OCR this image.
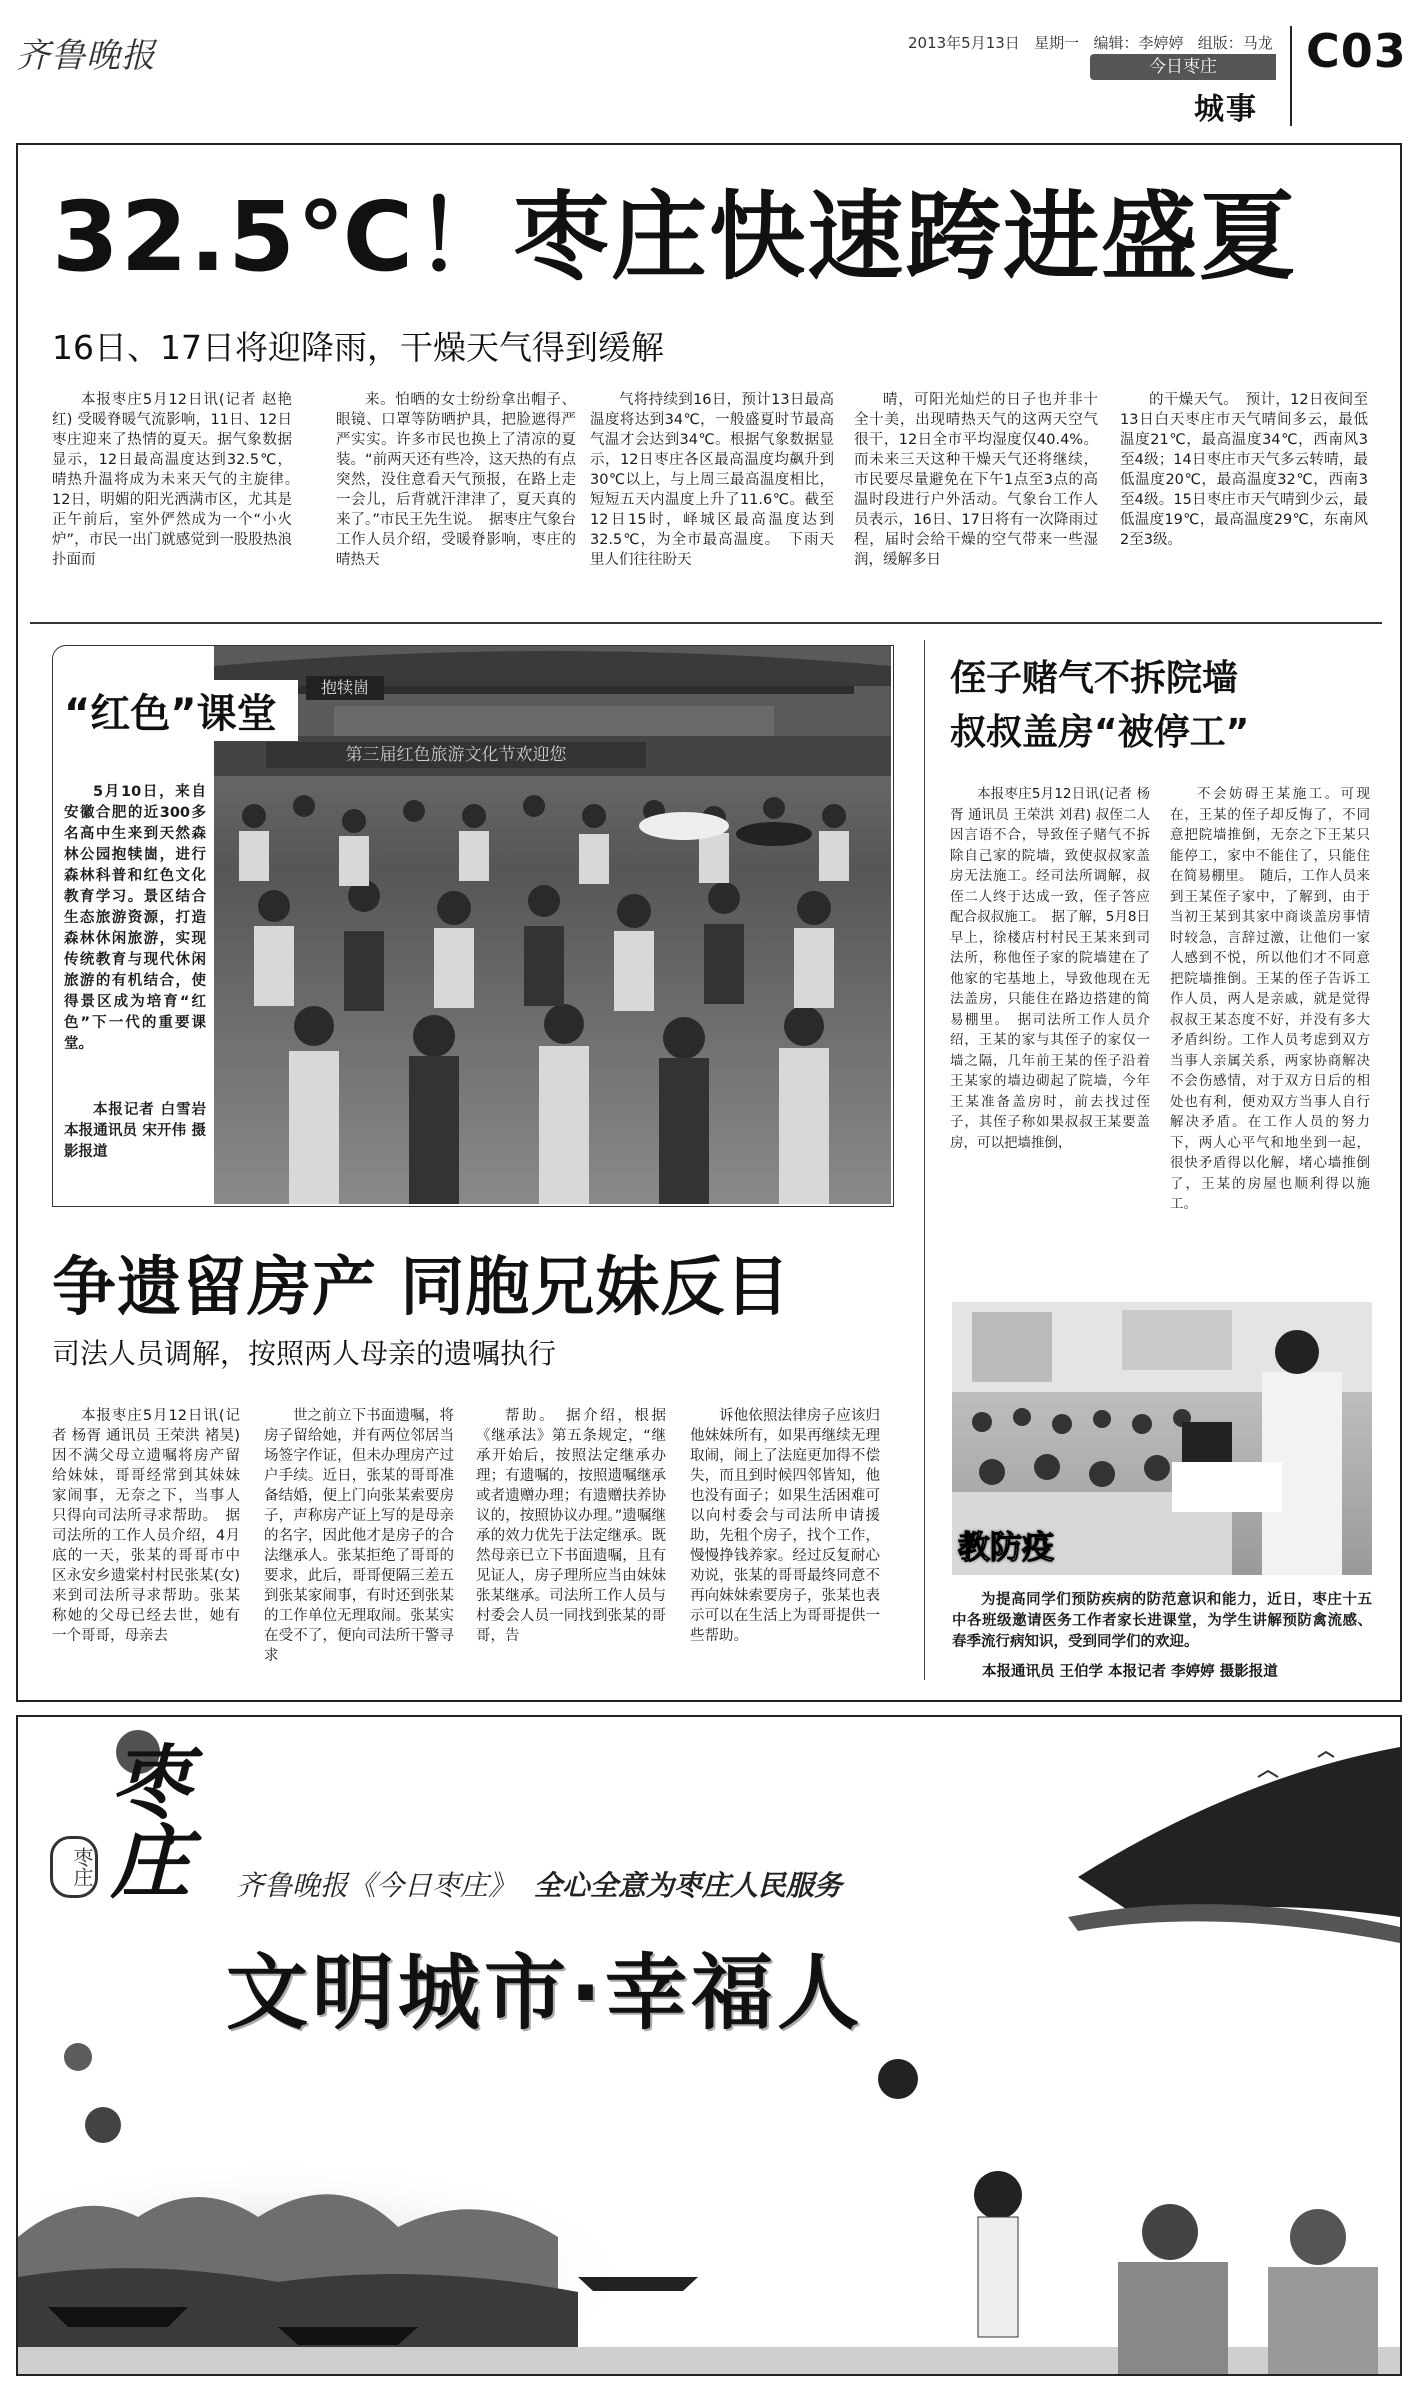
齐鲁晚报	2013年5月13日 星期一 编辑：李婷婷 组版：马龙
今日枣庄
城事
C03
32.5℃！枣庄快速跨进盛夏
16日、17日将迎降雨，干燥天气得到缓解

本报枣庄5月12日讯(记者 赵艳红) 受暖脊暖气流影响，11日、12日枣庄迎来了热情的夏天。据气象数据显示，12日最高温度达到32.5℃，晴热升温将成为未来天气的主旋律。　12日，明媚的阳光洒满市区，尤其是正午前后，室外俨然成为一个“小火炉”，市民一出门就感觉到一股股热浪扑面而

来。怕晒的女士纷纷拿出帽子、眼镜、口罩等防晒护具，把脸遮得严严实实。许多市民也换上了清凉的夏装。“前两天还有些冷，这天热的有点突然，没住意看天气预报，在路上走一会儿，后背就汗津津了，夏天真的来了。”市民王先生说。　据枣庄气象台工作人员介绍，受暖脊影响，枣庄的晴热天

气将持续到16日，预计13日最高温度将达到34℃，一般盛夏时节最高气温才会达到34℃。根据气象数据显示，12日枣庄各区最高温度均飙升到30℃以上，与上周三最高温度相比，短短五天内温度上升了11.6℃。截至12日15时，峄城区最高温度达到32.5℃，为全市最高温度。　下雨天里人们往往盼天

晴，可阳光灿烂的日子也并非十全十美，出现晴热天气的这两天空气很干，12日全市平均湿度仅40.4%。而未来三天这种干燥天气还将继续，市民要尽量避免在下午1点至3点的高温时段进行户外活动。气象台工作人员表示，16日、17日将有一次降雨过程，届时会给干燥的空气带来一些湿润，缓解多日

的干燥天气。　预计，12日夜间至13日白天枣庄市天气晴间多云，最低温度21℃，最高温度34℃，西南风3至4级；14日枣庄市天气多云转晴，最低温度20℃，最高温度32℃，西南3至4级。15日枣庄市天气晴到少云，最低温度19℃，最高温度29℃，东南风2至3级。

抱犊崮
第三届红色旅游文化节欢迎您
“红色”课堂

5月10日，来自安徽合肥的近300多名高中生来到天然森林公园抱犊崮，进行森林科普和红色文化教育学习。景区结合生态旅游资源，打造森林休闲旅游，实现传统教育与现代休闲旅游的有机结合，使得景区成为培育“红色”下一代的重要课堂。

本报记者 白雪岩 本报通讯员 宋开伟 摄影报道

争遗留房产 同胞兄妹反目
司法人员调解，按照两人母亲的遗嘱执行

本报枣庄5月12日讯(记者 杨胥 通讯员 王荣洪 褚昊) 因不满父母立遗嘱将房产留给妹妹，哥哥经常到其妹妹家闹事，无奈之下，当事人只得向司法所寻求帮助。　据司法所的工作人员介绍，4月底的一天，张某的哥哥市中区永安乡遗棠村村民张某(女)来到司法所寻求帮助。张某称她的父母已经去世，她有一个哥哥，母亲去

世之前立下书面遗嘱，将房子留给她，并有两位邻居当场签字作证，但未办理房产过户手续。近日，张某的哥哥准备结婚，便上门向张某索要房子，声称房产证上写的是母亲的名字，因此他才是房子的合法继承人。张某拒绝了哥哥的要求，此后，哥哥便隔三差五到张某家闹事，有时还到张某的工作单位无理取闹。张某实在受不了，便向司法所干警寻求

帮助。　据介绍，根据《继承法》第五条规定，“继承开始后，按照法定继承办理；有遗嘱的，按照遗嘱继承或者遗赠办理；有遗赠扶养协议的，按照协议办理。”遗嘱继承的效力优先于法定继承。既然母亲已立下书面遗嘱，且有见证人，房子理所应当由妹妹张某继承。司法所工作人员与村委会人员一同找到张某的哥哥，告

诉他依照法律房子应该归他妹妹所有，如果再继续无理取闹，闹上了法庭更加得不偿失，而且到时候四邻皆知，他也没有面子；如果生活困难可以向村委会与司法所申请援助，先租个房子，找个工作，慢慢挣钱养家。经过反复耐心劝说，张某的哥哥最终同意不再向妹妹索要房子，张某也表示可以在生活上为哥哥提供一些帮助。

侄子赌气不拆院墙
叔叔盖房“被停工”

本报枣庄5月12日讯(记者 杨胥 通讯员 王荣洪 刘君) 叔侄二人因言语不合，导致侄子赌气不拆除自己家的院墙，致使叔叔家盖房无法施工。经司法所调解，叔侄二人终于达成一致，侄子答应配合叔叔施工。　据了解，5月8日早上，徐楼店村村民王某来到司法所，称他侄子家的院墙建在了他家的宅基地上，导致他现在无法盖房，只能住在路边搭建的简易棚里。　据司法所工作人员介绍，王某的家与其侄子的家仅一墙之隔，几年前王某的侄子沿着王某家的墙边砌起了院墙，今年王某准备盖房时，前去找过侄子，其侄子称如果叔叔王某要盖房，可以把墙推倒，

不会妨碍王某施工。可现在，王某的侄子却反悔了，不同意把院墙推倒，无奈之下王某只能停工，家中不能住了，只能住在简易棚里。　随后，工作人员来到王某侄子家中，了解到，由于当初王某到其家中商谈盖房事情时较急，言辞过激，让他们一家人感到不悦，所以他们才不同意把院墙推倒。王某的侄子告诉工作人员，两人是亲戚，就是觉得叔叔王某态度不好，并没有多大矛盾纠纷。工作人员考虑到双方当事人亲属关系，两家协商解决不会伤感情，对于双方日后的相处也有利，便劝双方当事人自行解决矛盾。在工作人员的努力下，两人心平气和地坐到一起，很快矛盾得以化解，堵心墙推倒了，王某的房屋也顺利得以施工。

教防疫

为提高同学们预防疾病的防范意识和能力，近日，枣庄十五中各班级邀请医务工作者家长进课堂，为学生讲解预防禽流感、春季流行病知识，受到同学们的欢迎。

本报通讯员 王伯学 本报记者 李婷婷 摄影报道
枣庄
枣庄	齐鲁晚报《今日枣庄》 全心全意为枣庄人民服务
文明城市·幸福人
